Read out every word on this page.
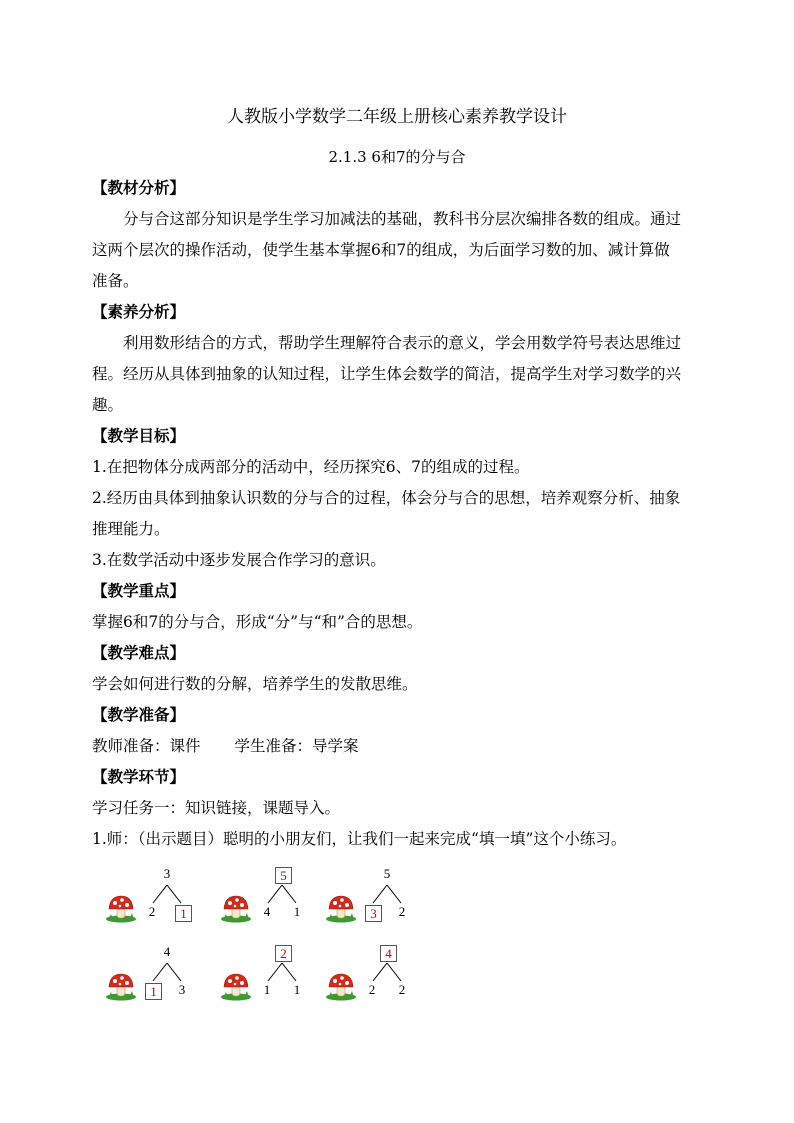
人教版小学数学二年级上册核心素养教学设计
2.1.3 6和7的分与合
【教材分析】
分与合这部分知识是学生学习加减法的基础，教科书分层次编排各数的组成。通过
这两个层次的操作活动，使学生基本掌握6和7的组成，为后面学习数的加、减计算做
准备。
【素养分析】
利用数形结合的方式，帮助学生理解符合表示的意义，学会用数学符号表达思维过
程。经历从具体到抽象的认知过程，让学生体会数学的简洁，提高学生对学习数学的兴
趣。
【教学目标】
1.在把物体分成两部分的活动中，经历探究6、7的组成的过程。
2.经历由具体到抽象认识数的分与合的过程，体会分与合的思想，培养观察分析、抽象
推理能力。
3.在数学活动中逐步发展合作学习的意识。
【教学重点】
掌握6和7的分与合，形成“分”与“和”合的思想。
【教学难点】
学会如何进行数的分解，培养学生的发散思维。
【教学准备】
教师准备：课件 学生准备：导学案
【教学环节】
学习任务一：知识链接，课题导入。
1.师：（出示题目）聪明的小朋友们，让我们一起来完成“填一填”这个小练习。
3
2	1
5
4 1
5
3	2
4
1	3
2
1 1
4
2 2
